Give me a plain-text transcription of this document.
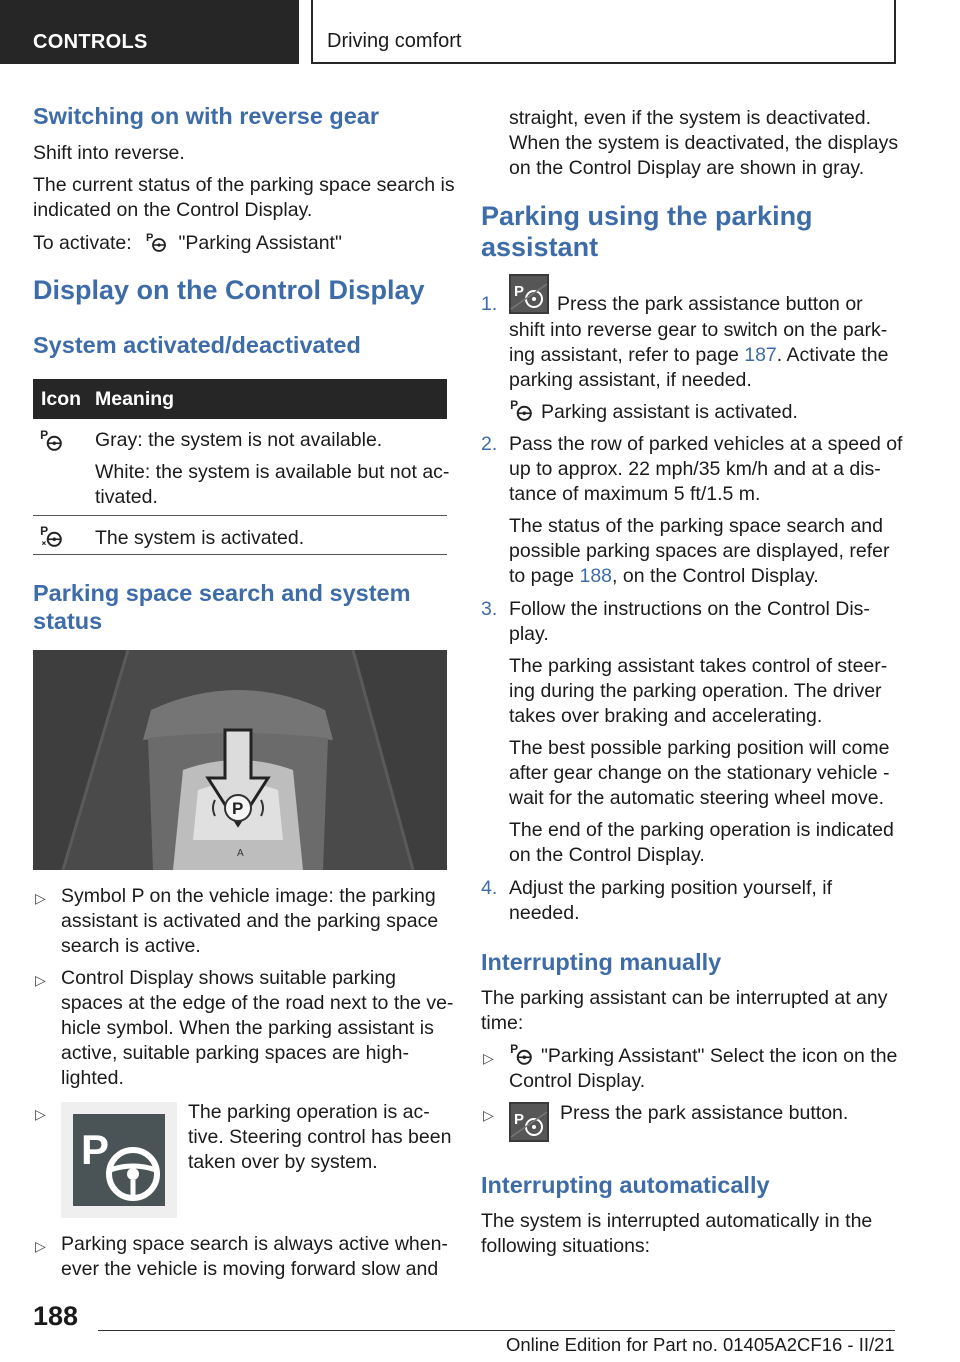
CONTROLS	Driving comfort
Switching on with reverse gear
Shift into reverse.
The current status of the parking space search is
indicated on the Control Display.
To activate: P "Parking Assistant"
Display on the Control Display
System activated/deactivated
Icon Meaning
P Gray: the system is not available.
White: the system is available but not ac-
tivated.
P The system is activated.
Parking space search and system
status
P
A
▷ Symbol P on the vehicle image: the parking
assistant is activated and the parking space
search is active.
▷ Control Display shows suitable parking
spaces at the edge of the road next to the ve-
hicle symbol. When the parking assistant is
active, suitable parking spaces are high-
lighted.
▷
P
The parking operation is ac-
tive. Steering control has been
taken over by system.
▷ Parking space search is always active when-
ever the vehicle is moving forward slow and
straight, even if the system is deactivated.
When the system is deactivated, the displays
on the Control Display are shown in gray.
Parking using the parking
assistant
1.
P
Press the park assistance button or
shift into reverse gear to switch on the park-
ing assistant, refer to page 187. Activate the
parking assistant, if needed.
P Parking assistant is activated.
2. Pass the row of parked vehicles at a speed of
up to approx. 22 mph/35 km/h and at a dis-
tance of maximum 5 ft/1.5 m.
The status of the parking space search and
possible parking spaces are displayed, refer
to page 188, on the Control Display.
3. Follow the instructions on the Control Dis-
play.
The parking assistant takes control of steer-
ing during the parking operation. The driver
takes over braking and accelerating.
The best possible parking position will come
after gear change on the stationary vehicle -
wait for the automatic steering wheel move.
The end of the parking operation is indicated
on the Control Display.
4. Adjust the parking position yourself, if
needed.
Interrupting manually
The parking assistant can be interrupted at any
time:
▷
P "Parking Assistant" Select the icon on the
Control Display.
▷ P Press the park assistance button.
Interrupting automatically
The system is interrupted automatically in the
following situations:
188
Online Edition for Part no. 01405A2CF16 - II/21
